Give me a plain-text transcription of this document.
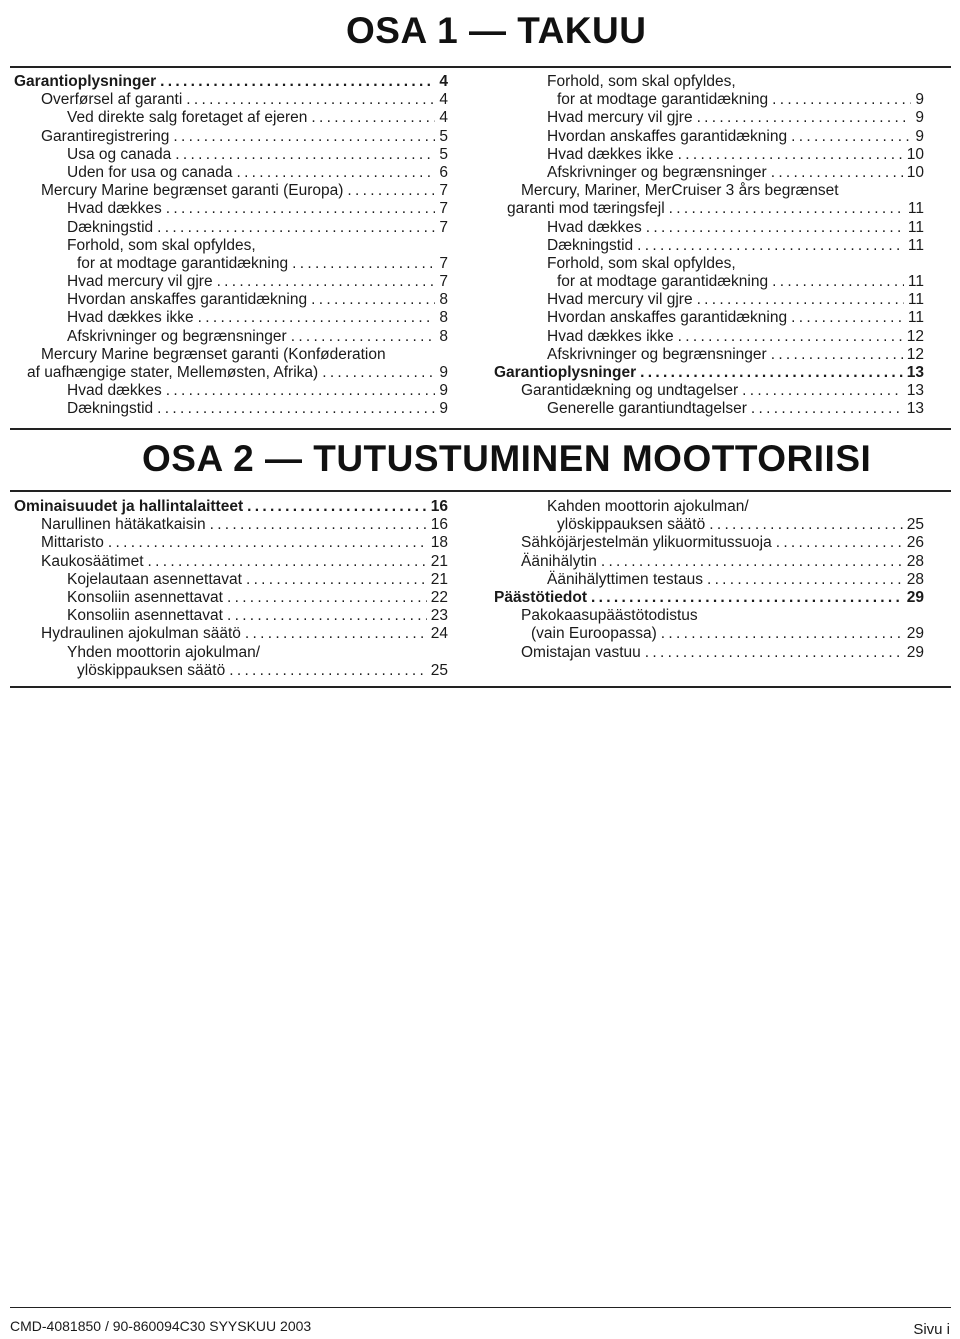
OSA 1 — TAKUU
Garantioplysninger . . .	4
Overførsel af garanti . . .	4
Ved direkte salg foretaget af ejeren . . .	4
Garantiregistrering . . .	5
Usa og canada . . .	5
Uden for usa og canada . . .	6
Mercury Marine begrænset garanti (Europa) . . .	7
Hvad dækkes . . .	7
Dækningstid . . .	7
Forhold, som skal opfyldes,
for at modtage garantidækning . . .	7
Hvad mercury vil gjre . . .	7
Hvordan anskaffes garantidækning . . .	8
Hvad dækkes ikke . . .	8
Afskrivninger og begrænsninger . . .	8
Mercury Marine begrænset garanti (Konføderation
af uafhængige stater, Mellemøsten, Afrika) . . .	9
Hvad dækkes . . .	9
Dækningstid . . .	9
Forhold, som skal opfyldes,
for at modtage garantidækning . . .	9
Hvad mercury vil gjre . . .	9
Hvordan anskaffes garantidækning . . .	9
Hvad dækkes ikke . . .	10
Afskrivninger og begrænsninger . . .	10
Mercury, Mariner, MerCruiser 3 års begrænset
garanti mod tæringsfejl . . .	11
Hvad dækkes . . .	11
Dækningstid . . .	11
Forhold, som skal opfyldes,
for at modtage garantidækning . . .	11
Hvad mercury vil gjre . . .	11
Hvordan anskaffes garantidækning . . .	11
Hvad dækkes ikke . . .	12
Afskrivninger og begrænsninger . . .	12
Garantioplysninger . . .	13
Garantidækning og undtagelser . . .	13
Generelle garantiundtagelser . . .	13
OSA 2 — TUTUSTUMINEN MOOTTORIISI
Ominaisuudet ja hallintalaitteet . . .	16
Narullinen hätäkatkaisin . . .	16
Mittaristo . . .	18
Kaukosäätimet . . .	21
Kojelautaan asennettavat . . .	21
Konsoliin asennettavat . . .	22
Konsoliin asennettavat . . .	23
Hydraulinen ajokulman säätö . . .	24
Yhden moottorin ajokulman/
ylöskippauksen säätö . . .	25
Kahden moottorin ajokulman/
ylöskippauksen säätö . . .	25
Sähköjärjestelmän ylikuormitussuoja . . .	26
Äänihälytin . . .	28
Äänihälyttimen testaus . . .	28
Päästötiedot . . .	29
Pakokaasupäästötodistus
(vain Euroopassa) . . .	29
Omistajan vastuu . . .	29
CMD-4081850 / 90-860094C30 SYYSKUU 2003	Sivu i
